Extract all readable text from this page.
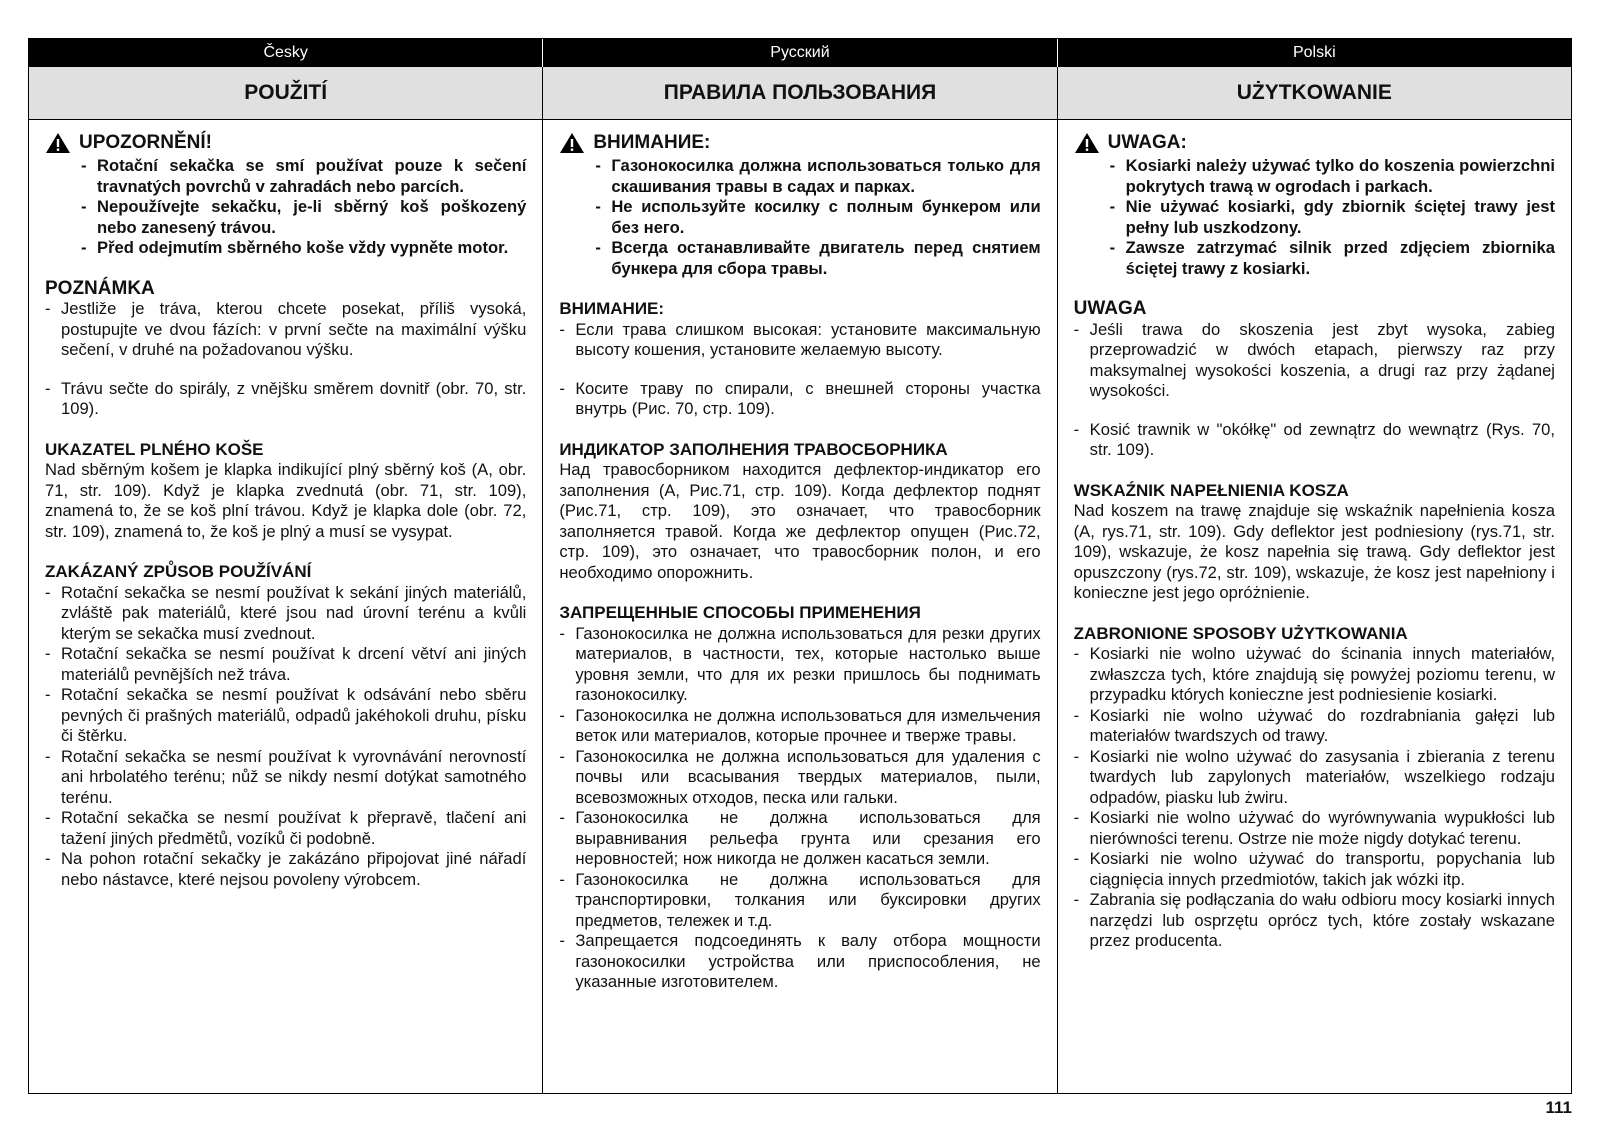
Česky	Русский	Polski
POUŽITÍ	ПРАВИЛА ПОЛЬЗОВАНИЯ	UŻYTKOWANIE
UPOZORNĚNÍ!
- Rotační sekačka se smí používat pouze k sečení travnatých povrchů v zahradách nebo parcích.
- Nepoužívejte sekačku, je-li sběrný koš poškozený nebo zanesený trávou.
- Před odejmutím sběrného koše vždy vypněte motor.
POZNÁMKA
- Jestliže je tráva, kterou chcete posekat, příliš vysoká, postupujte ve dvou fázích: v první sečte na maximální výšku sečení, v druhé na požadovanou výšku.
- Trávu sečte do spirály, z vnějšku směrem dovnitř (obr. 70, str. 109).
UKAZATEL PLNÉHO KOŠE

Nad sběrným košem je klapka indikující plný sběrný koš (A, obr. 71, str. 109). Když je klapka zvednutá (obr. 71, str. 109), znamená to, že se koš plní trávou. Když je klapka dole (obr. 72, str. 109), znamená to, že koš je plný a musí se vysypat.

ZAKÁZANÝ ZPŮSOB POUŽÍVÁNÍ
- Rotační sekačka se nesmí používat k sekání jiných materiálů, zvláště pak materiálů, které jsou nad úrovní terénu a kvůli kterým se sekačka musí zvednout.
- Rotační sekačka se nesmí používat k drcení větví ani jiných materiálů pevnějších než tráva.
- Rotační sekačka se nesmí používat k odsávání nebo sběru pevných či prašných materiálů, odpadů jakéhokoli druhu, písku či štěrku.
- Rotační sekačka se nesmí používat k vyrovnávání nerovností ani hrbolatého terénu; nůž se nikdy nesmí dotýkat samotného terénu.
- Rotační sekačka se nesmí používat k přepravě, tlačení ani tažení jiných předmětů, vozíků či podobně.
- Na pohon rotační sekačky je zakázáno připojovat jiné nářadí nebo nástavce, které nejsou povoleny výrobcem.
ВНИМАНИЕ:
- Газонокосилка должна использоваться только для скашивания травы в садах и парках.
- Не используйте косилку с полным бункером или без него.
- Всегда останавливайте двигатель перед снятием бункера для сбора травы.
ВНИМАНИЕ:
- Если трава слишком высокая: установите максимальную высоту кошения, установите желаемую высоту.
- Косите траву по спирали, с внешней стороны участка внутрь (Рис. 70, стр. 109).
ИНДИКАТОР ЗАПОЛНЕНИЯ ТРАВОСБОРНИКА

Над травосборником находится дефлектор-индикатор его заполнения (A, Рис.71, стр. 109). Когда дефлектор поднят (Рис.71, стр. 109), это означает, что травосборник заполняется травой. Когда же дефлектор опущен (Рис.72, стр. 109), это означает, что травосборник полон, и его необходимо опорожнить.

ЗАПРЕЩЕННЫЕ СПОСОБЫ ПРИМЕНЕНИЯ
- Газонокосилка не должна использоваться для резки других материалов, в частности, тех, которые настолько выше уровня земли, что для их резки пришлось бы поднимать газонокосилку.
- Газонокосилка не должна использоваться для измельчения веток или материалов, которые прочнее и тверже травы.
- Газонокосилка не должна использоваться для удаления с почвы или всасывания твердых материалов, пыли, всевозможных отходов, песка или гальки.
- Газонокосилка не должна использоваться для выравнивания рельефа грунта или срезания его неровностей; нож никогда не должен касаться земли.
- Газонокосилка не должна использоваться для транспортировки, толкания или буксировки других предметов, тележек и т.д.
- Запрещается подсоединять к валу отбора мощности газонокосилки устройства или приспособления, не указанные изготовителем.
UWAGA:
- Kosiarki należy używać tylko do koszenia powierzchni pokrytych trawą w ogrodach i parkach.
- Nie używać kosiarki, gdy zbiornik ściętej trawy jest pełny lub uszkodzony.
- Zawsze zatrzymać silnik przed zdjęciem zbiornika ściętej trawy z kosiarki.
UWAGA
- Jeśli trawa do skoszenia jest zbyt wysoka, zabieg przeprowadzić w dwóch etapach, pierwszy raz przy maksymalnej wysokości koszenia, a drugi raz przy żądanej wysokości.
- Kosić trawnik w "okółkę" od zewnątrz do wewnątrz (Rys. 70, str. 109).
WSKAŹNIK NAPEŁNIENIA KOSZA

Nad koszem na trawę znajduje się wskaźnik napełnienia kosza (A, rys.71, str. 109). Gdy deflektor jest podniesiony (rys.71, str. 109), wskazuje, że kosz napełnia się trawą. Gdy deflektor jest opuszczony (rys.72, str. 109), wskazuje, że kosz jest napełniony i konieczne jest jego opróżnienie.

ZABRONIONE SPOSOBY UŻYTKOWANIA
- Kosiarki nie wolno używać do ścinania innych materiałów, zwłaszcza tych, które znajdują się powyżej poziomu terenu, w przypadku których konieczne jest podniesienie kosiarki.
- Kosiarki nie wolno używać do rozdrabniania gałęzi lub materiałów twardszych od trawy.
- Kosiarki nie wolno używać do zasysania i zbierania z terenu twardych lub zapylonych materiałów, wszelkiego rodzaju odpadów, piasku lub żwiru.
- Kosiarki nie wolno używać do wyrównywania wypukłości lub nierówności terenu. Ostrze nie może nigdy dotykać terenu.
- Kosiarki nie wolno używać do transportu, popychania lub ciągnięcia innych przedmiotów, takich jak wózki itp.
- Zabrania się podłączania do wału odbioru mocy kosiarki innych narzędzi lub osprzętu oprócz tych, które zostały wskazane przez producenta.
111
